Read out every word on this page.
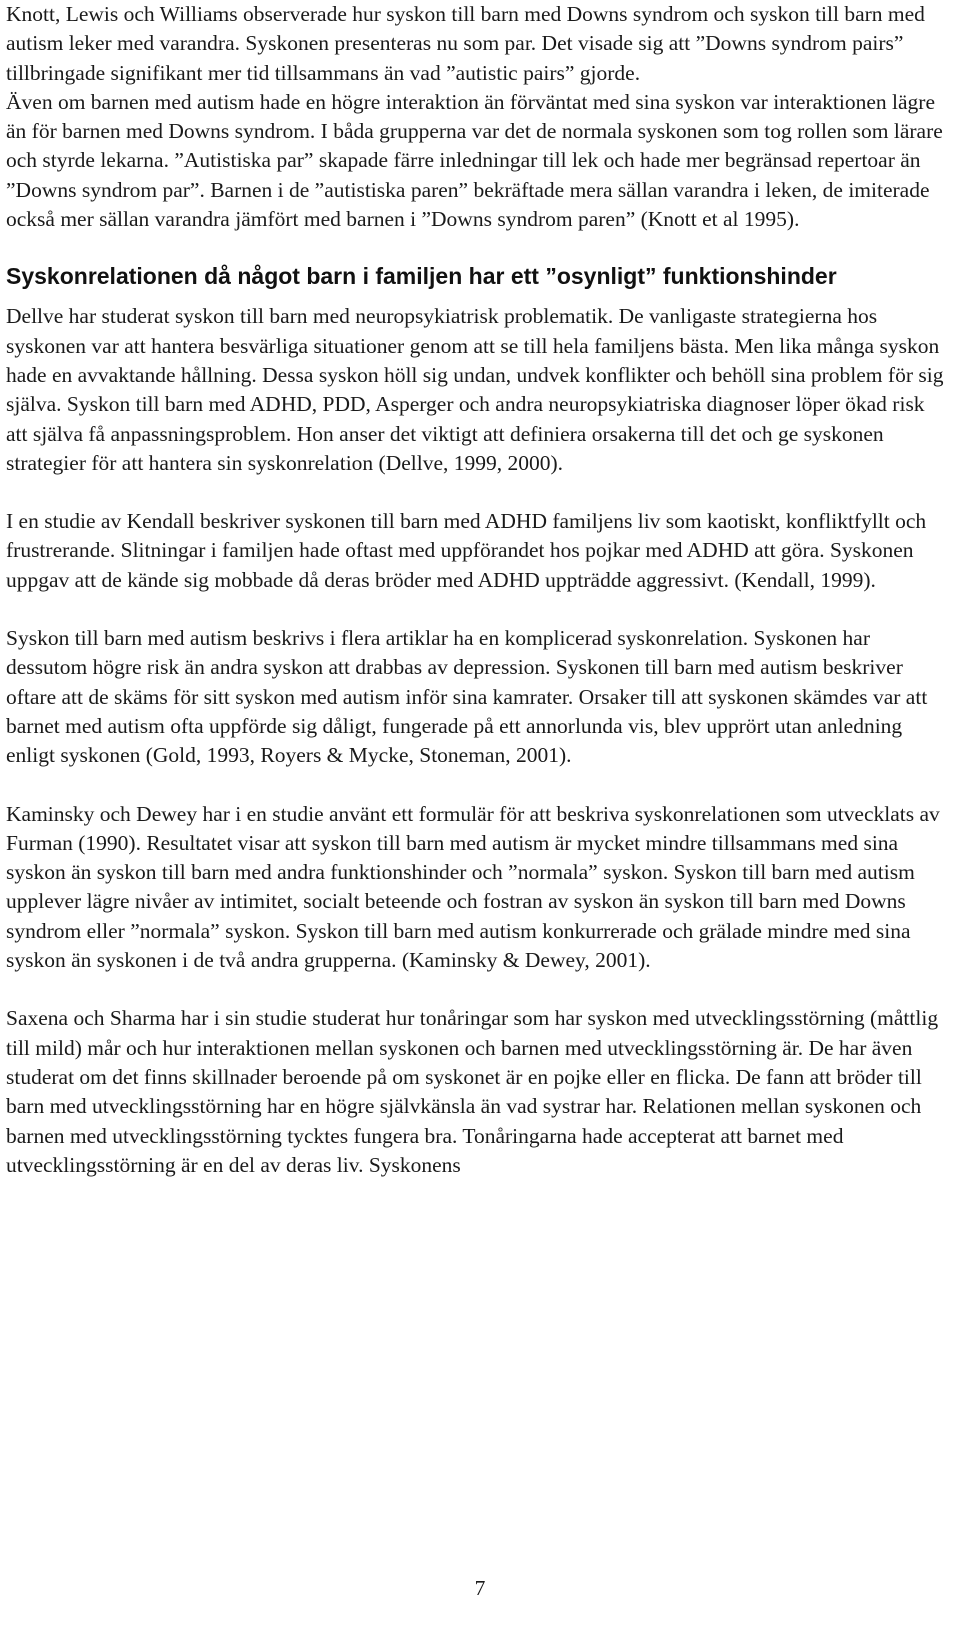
Knott, Lewis och Williams observerade hur syskon till barn med Downs syndrom och syskon till barn med autism leker med varandra. Syskonen presenteras nu som par. Det visade sig att ”Downs syndrom pairs” tillbringade signifikant mer tid tillsammans än vad ”autistic pairs” gjorde.

Även om barnen med autism hade en högre interaktion än förväntat med sina syskon var interaktionen lägre än för barnen med Downs syndrom. I båda grupperna var det de normala syskonen som tog rollen som lärare och styrde lekarna. ”Autistiska par” skapade färre inledningar till lek och hade mer begränsad repertoar än ”Downs syndrom par”. Barnen i de ”autistiska paren” bekräftade mera sällan varandra i leken, de imiterade också mer sällan varandra jämfört med barnen i ”Downs syndrom paren” (Knott et al 1995).

Syskonrelationen då något barn i familjen har ett ”osynligt” funktionshinder

Dellve har studerat syskon till barn med neuropsykiatrisk problematik. De vanligaste strategierna hos syskonen var att hantera besvärliga situationer genom att se till hela familjens bästa. Men lika många syskon hade en avvaktande hållning. Dessa syskon höll sig undan, undvek konflikter och behöll sina problem för sig själva. Syskon till barn med ADHD, PDD, Asperger och andra neuropsykiatriska diagnoser löper ökad risk att själva få anpassningsproblem. Hon anser det viktigt att definiera orsakerna till det och ge syskonen strategier för att hantera sin syskonrelation (Dellve, 1999, 2000).

I en studie av Kendall beskriver syskonen till barn med ADHD familjens liv som kaotiskt, konfliktfyllt och frustrerande. Slitningar i familjen hade oftast med uppförandet hos pojkar med ADHD att göra. Syskonen uppgav att de kände sig mobbade då deras bröder med ADHD uppträdde aggressivt. (Kendall, 1999).

Syskon till barn med autism beskrivs i flera artiklar ha en komplicerad syskonrelation. Syskonen har dessutom högre risk än andra syskon att drabbas av depression. Syskonen till barn med autism beskriver oftare att de skäms för sitt syskon med autism inför sina kamrater. Orsaker till att syskonen skämdes var att barnet med autism ofta uppförde sig dåligt, fungerade på ett annorlunda vis, blev upprört utan anledning enligt syskonen (Gold, 1993, Royers & Mycke, Stoneman, 2001).

Kaminsky och Dewey har i en studie använt ett formulär för att beskriva syskonrelationen som utvecklats av Furman (1990). Resultatet visar att syskon till barn med autism är mycket mindre tillsammans med sina syskon än syskon till barn med andra funktionshinder och ”normala” syskon. Syskon till barn med autism upplever lägre nivåer av intimitet, socialt beteende och fostran av syskon än syskon till barn med Downs syndrom eller ”normala” syskon. Syskon till barn med autism konkurrerade och grälade mindre med sina syskon än syskonen i de två andra grupperna. (Kaminsky & Dewey, 2001).

Saxena och Sharma har i sin studie studerat hur tonåringar som har syskon med utvecklingsstörning (måttlig till mild) mår och hur interaktionen mellan syskonen och barnen med utvecklingsstörning är. De har även studerat om det finns skillnader beroende på om syskonet är en pojke eller en flicka. De fann att bröder till barn med utvecklingsstörning har en högre självkänsla än vad systrar har. Relationen mellan syskonen och barnen med utvecklingsstörning tycktes fungera bra. Tonåringarna hade accepterat att barnet med utvecklingsstörning är en del av deras liv. Syskonens

7
